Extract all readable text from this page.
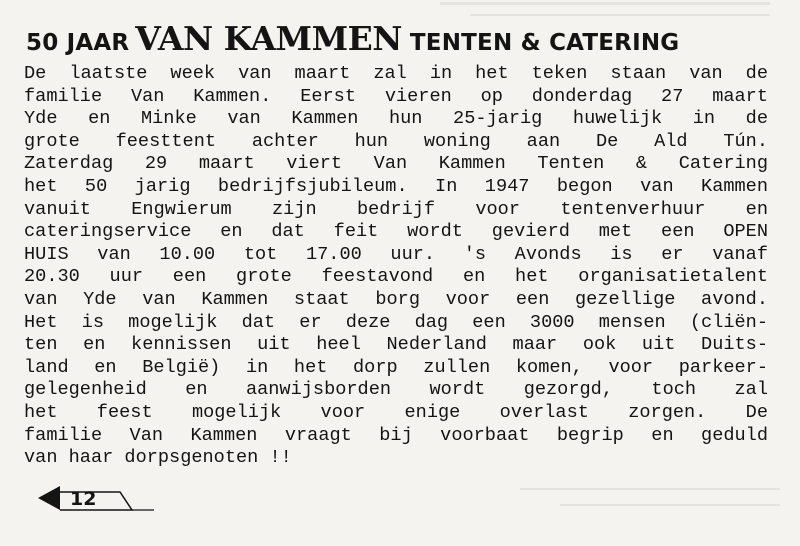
50 JAAR VAN KAMMEN TENTEN & CATERING

De laatste week van maart zal in het teken staan van de
familie Van Kammen. Eerst vieren op donderdag 27 maart
Yde en Minke van Kammen hun 25-jarig huwelijk in de
grote feesttent achter hun woning aan De Ald Tún.
Zaterdag 29 maart viert Van Kammen Tenten & Catering
het 50 jarig bedrijfsjubileum. In 1947 begon van Kammen
vanuit Engwierum zijn bedrijf voor tentenverhuur en
cateringservice en dat feit wordt gevierd met een OPEN
HUIS van 10.00 tot 17.00 uur. 's Avonds is er vanaf
20.30 uur een grote feestavond en het organisatietalent
van Yde van Kammen staat borg voor een gezellige avond.
Het is mogelijk dat er deze dag een 3000 mensen (cliën-
ten en kennissen uit heel Nederland maar ook uit Duits-
land en België) in het dorp zullen komen, voor parkeer-
gelegenheid en aanwijsborden wordt gezorgd, toch zal
het feest mogelijk voor enige overlast zorgen. De
familie Van Kammen vraagt bij voorbaat begrip en geduld
van haar dorpsgenoten !!

12
